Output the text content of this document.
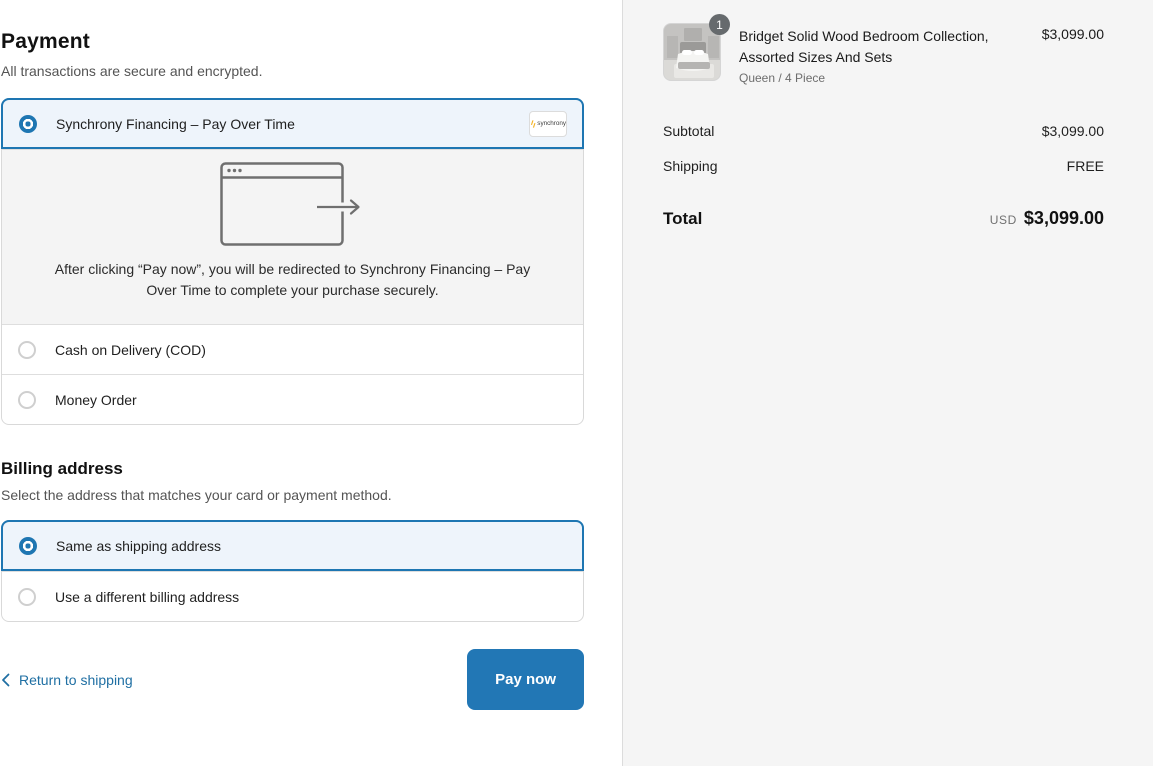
Payment
All transactions are secure and encrypted.
Synchrony Financing – Pay Over Time	synchrony
After clicking “Pay now”, you will be redirected to Synchrony Financing – Pay Over Time to complete your purchase securely.
Cash on Delivery (COD)
Money Order
Billing address
Select the address that matches your card or payment method.
Same as shipping address
Use a different billing address
Return to shipping	Pay now
1
Bridget Solid Wood Bedroom Collection, Assorted Sizes And Sets
Queen / 4 Piece
$3,099.00
Subtotal	$3,099.00
Shipping	FREE
Total	USD $3,099.00
